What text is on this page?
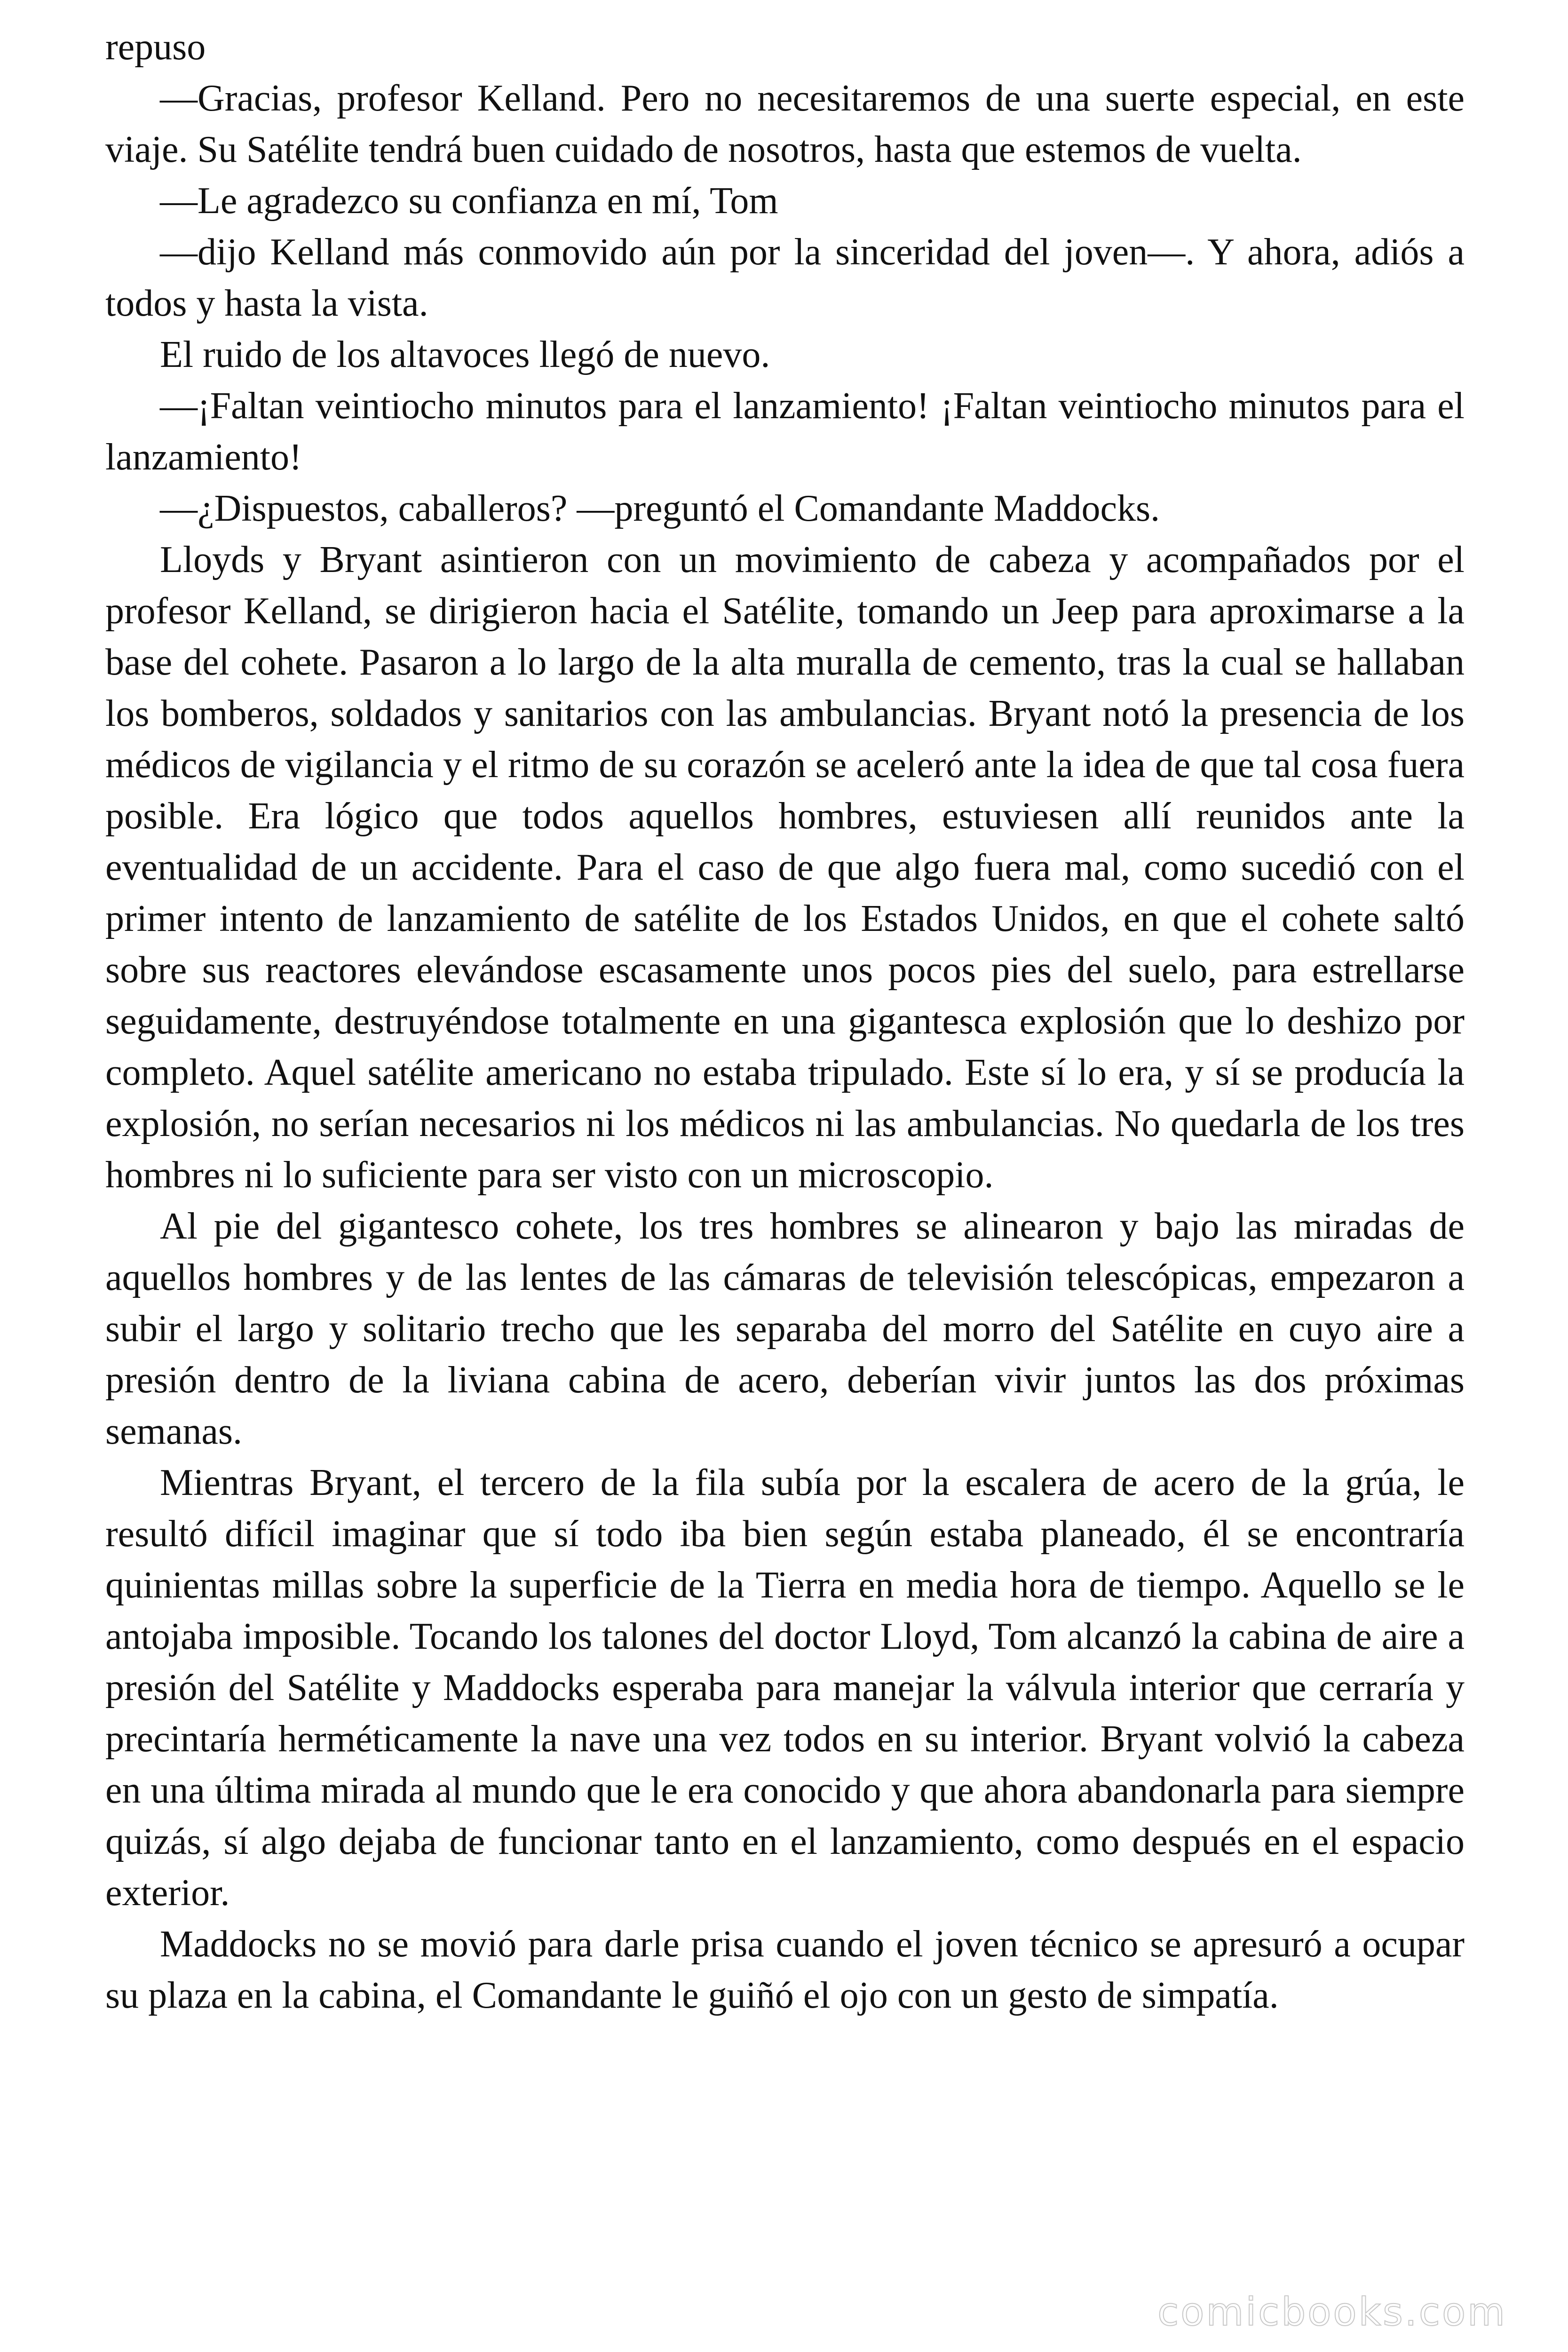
repuso

—Gracias, profesor Kelland. Pero no necesitaremos de una suerte especial, en este viaje. Su Satélite tendrá buen cuidado de nosotros, hasta que estemos de vuelta.

—Le agradezco su confianza en mí, Tom

—dijo Kelland más conmovido aún por la sinceridad del joven—. Y ahora, adiós a todos y hasta la vista.

El ruido de los altavoces llegó de nuevo.

—¡Faltan veintiocho minutos para el lanzamiento! ¡Faltan veintiocho minutos para el lanzamiento!

—¿Dispuestos, caballeros? —preguntó el Comandante Maddocks.

Lloyds y Bryant asintieron con un movimiento de cabeza y acompañados por el profesor Kelland, se dirigieron hacia el Satélite, tomando un Jeep para aproximarse a la base del cohete. Pasaron a lo largo de la alta muralla de cemento, tras la cual se hallaban los bomberos, soldados y sanitarios con las ambulancias. Bryant notó la presencia de los médicos de vigilancia y el ritmo de su corazón se aceleró ante la idea de que tal cosa fuera posible. Era lógico que todos aquellos hombres, estuviesen allí reunidos ante la eventualidad de un accidente. Para el caso de que algo fuera mal, como sucedió con el primer intento de lanzamiento de satélite de los Estados Unidos, en que el cohete saltó sobre sus reactores elevándose escasamente unos pocos pies del suelo, para estrellarse seguidamente, destruyéndose totalmente en una gigantesca explosión que lo deshizo por completo. Aquel satélite americano no estaba tripulado. Este sí lo era, y sí se producía la explosión, no serían necesarios ni los médicos ni las ambulancias. No quedarla de los tres hombres ni lo suficiente para ser visto con un microscopio.

Al pie del gigantesco cohete, los tres hombres se alinearon y bajo las miradas de aquellos hombres y de las lentes de las cámaras de televisión telescópicas, empezaron a subir el largo y solitario trecho que les separaba del morro del Satélite en cuyo aire a presión dentro de la liviana cabina de acero, deberían vivir juntos las dos próximas semanas.

Mientras Bryant, el tercero de la fila subía por la escalera de acero de la grúa, le resultó difícil imaginar que sí todo iba bien según estaba planeado, él se encontraría quinientas millas sobre la superficie de la Tierra en media hora de tiempo. Aquello se le antojaba imposible. Tocando los talones del doctor Lloyd, Tom alcanzó la cabina de aire a presión del Satélite y Maddocks esperaba para manejar la válvula interior que cerraría y precintaría herméticamente la nave una vez todos en su interior. Bryant volvió la cabeza en una última mirada al mundo que le era conocido y que ahora abandonarla para siempre quizás, sí algo dejaba de funcionar tanto en el lanzamiento, como después en el espacio exterior.

Maddocks no se movió para darle prisa cuando el joven técnico se apresuró a ocupar su plaza en la cabina, el Comandante le guiñó el ojo con un gesto de simpatía.

comicbooks.com
